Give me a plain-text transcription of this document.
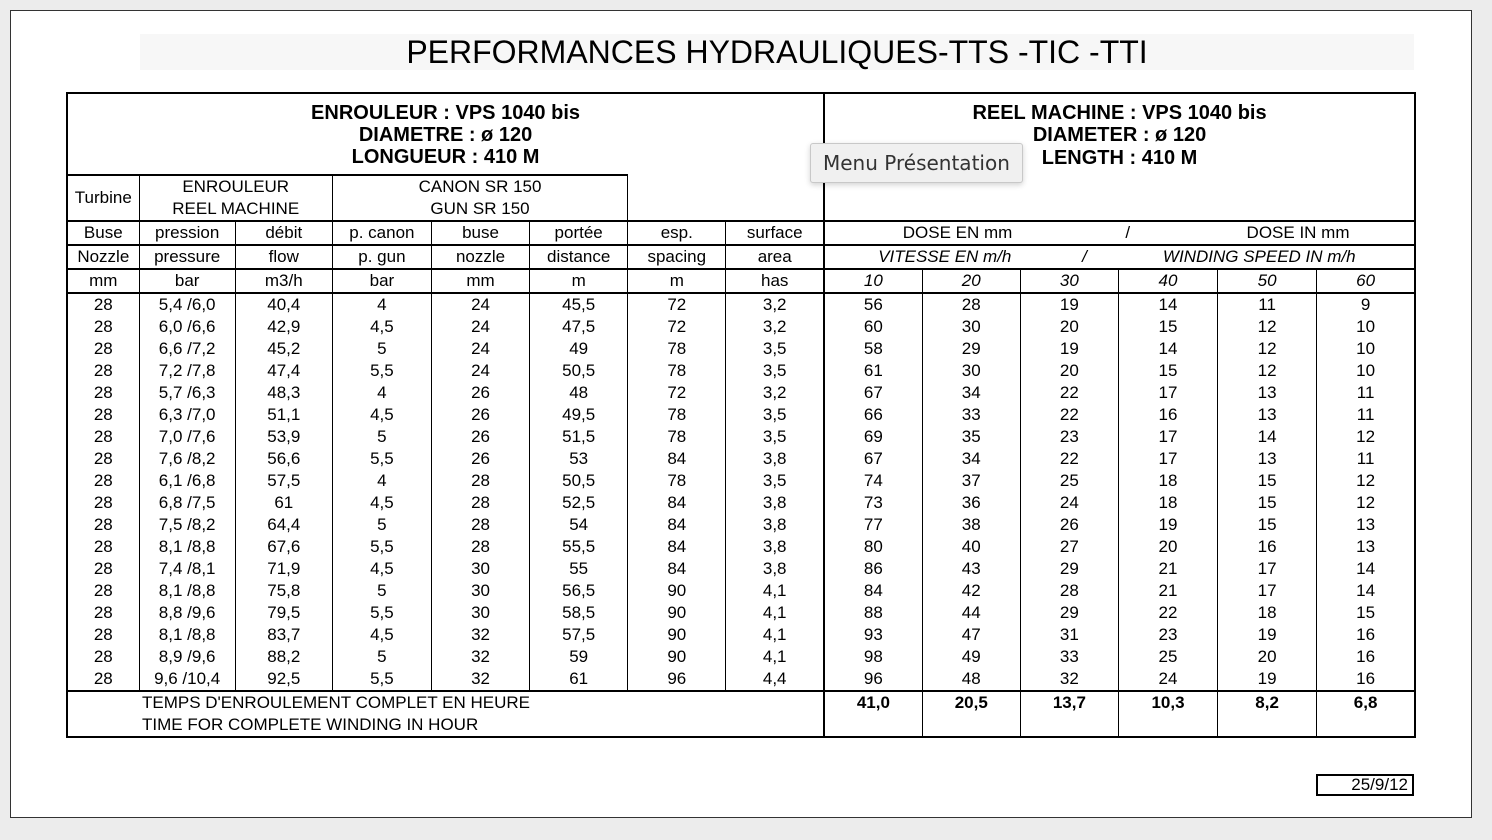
PERFORMANCES HYDRAULIQUES-TTS -TIC -TTI
ENROULEUR : VPS 1040 bis								REEL MACHINE : VPS 1040 bis					
DIAMETRE : ø 120								DIAMETER : ø 120					
LONGUEUR : 410 M								LENGTH : 410 M					
Turbine	ENROULEUR		CANON SR 150										
	REEL MACHINE		GUN SR 150										
Buse	pression	débit	p. canon	buse	portée	esp.	surface	DOSE EN mm / DOSE IN mm					
Nozzle	pressure	flow	p. gun	nozzle	distance	spacing	area	VITESSE EN m/h / WINDING SPEED IN m/h					
mm	bar	m3/h	bar	mm	m	m	has	10	20	30	40	50	60
28	5,4 /6,0	40,4	4	24	45,5	72	3,2	56	28	19	14	11	9
28	6,0 /6,6	42,9	4,5	24	47,5	72	3,2	60	30	20	15	12	10
28	6,6 /7,2	45,2	5	24	49	78	3,5	58	29	19	14	12	10
28	7,2 /7,8	47,4	5,5	24	50,5	78	3,5	61	30	20	15	12	10
28	5,7 /6,3	48,3	4	26	48	72	3,2	67	34	22	17	13	11
28	6,3 /7,0	51,1	4,5	26	49,5	78	3,5	66	33	22	16	13	11
28	7,0 /7,6	53,9	5	26	51,5	78	3,5	69	35	23	17	14	12
28	7,6 /8,2	56,6	5,5	26	53	84	3,8	67	34	22	17	13	11
28	6,1 /6,8	57,5	4	28	50,5	78	3,5	74	37	25	18	15	12
28	6,8 /7,5	61	4,5	28	52,5	84	3,8	73	36	24	18	15	12
28	7,5 /8,2	64,4	5	28	54	84	3,8	77	38	26	19	15	13
28	8,1 /8,8	67,6	5,5	28	55,5	84	3,8	80	40	27	20	16	13
28	7,4 /8,1	71,9	4,5	30	55	84	3,8	86	43	29	21	17	14
28	8,1 /8,8	75,8	5	30	56,5	90	4,1	84	42	28	21	17	14
28	8,8 /9,6	79,5	5,5	30	58,5	90	4,1	88	44	29	22	18	15
28	8,1 /8,8	83,7	4,5	32	57,5	90	4,1	93	47	31	23	19	16
28	8,9 /9,6	88,2	5	32	59	90	4,1	98	49	33	25	20	16
28	9,6 /10,4	92,5	5,5	32	61	96	4,4	96	48	32	24	19	16

TEMPS D'ENROULEMENT COMPLET EN HEURE
TIME FOR COMPLETE WINDING IN HOUR								41,0	20,5	13,7	10,3	8,2	6,8
Menu Présentation
25/9/12
